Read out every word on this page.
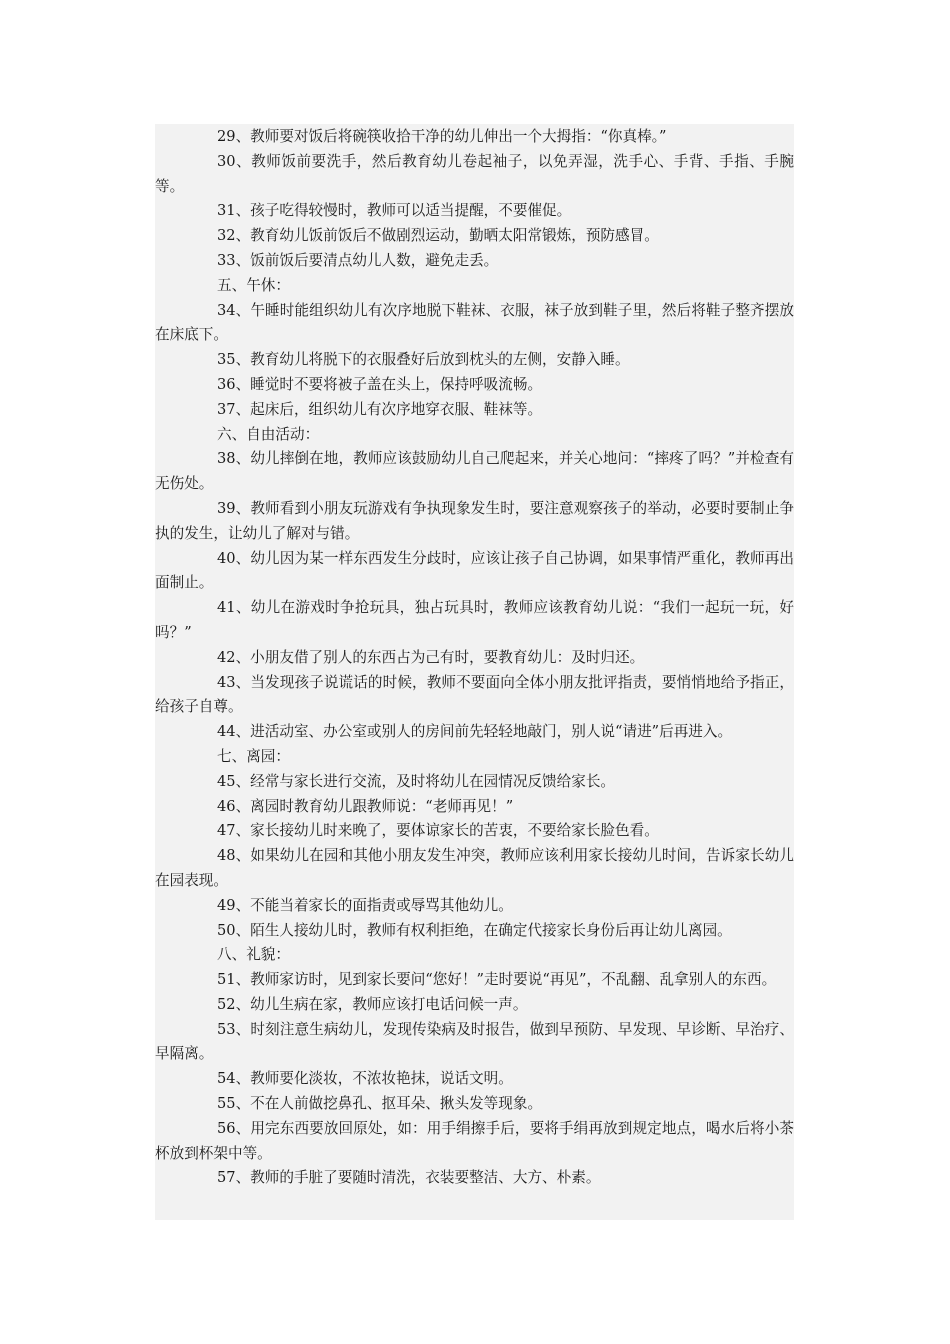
29、教师要对饭后将碗筷收拾干净的幼儿伸出一个大拇指：“你真棒。”

30、教师饭前要洗手，然后教育幼儿卷起袖子，以免弄湿，洗手心、手背、手指、手腕等。

31、孩子吃得较慢时，教师可以适当提醒，不要催促。

32、教育幼儿饭前饭后不做剧烈运动，勤晒太阳常锻炼，预防感冒。

33、饭前饭后要清点幼儿人数，避免走丢。

五、午休：

34、午睡时能组织幼儿有次序地脱下鞋袜、衣服，袜子放到鞋子里，然后将鞋子整齐摆放在床底下。

35、教育幼儿将脱下的衣服叠好后放到枕头的左侧，安静入睡。

36、睡觉时不要将被子盖在头上，保持呼吸流畅。

37、起床后，组织幼儿有次序地穿衣服、鞋袜等。

六、自由活动：

38、幼儿摔倒在地，教师应该鼓励幼儿自己爬起来，并关心地问：“摔疼了吗？”并检查有无伤处。

39、教师看到小朋友玩游戏有争执现象发生时，要注意观察孩子的举动，必要时要制止争执的发生，让幼儿了解对与错。

40、幼儿因为某一样东西发生分歧时，应该让孩子自己协调，如果事情严重化，教师再出面制止。

41、幼儿在游戏时争抢玩具，独占玩具时，教师应该教育幼儿说：“我们一起玩一玩，好吗？”

42、小朋友借了别人的东西占为己有时，要教育幼儿：及时归还。

43、当发现孩子说谎话的时候，教师不要面向全体小朋友批评指责，要悄悄地给予指正，给孩子自尊。

44、进活动室、办公室或别人的房间前先轻轻地敲门，别人说“请进”后再进入。

七、离园：

45、经常与家长进行交流，及时将幼儿在园情况反馈给家长。

46、离园时教育幼儿跟教师说：“老师再见！”

47、家长接幼儿时来晚了，要体谅家长的苦衷，不要给家长脸色看。

48、如果幼儿在园和其他小朋友发生冲突，教师应该利用家长接幼儿时间，告诉家长幼儿在园表现。

49、不能当着家长的面指责或辱骂其他幼儿。

50、陌生人接幼儿时，教师有权利拒绝，在确定代接家长身份后再让幼儿离园。

八、礼貌：

51、教师家访时，见到家长要问“您好！”走时要说“再见”，不乱翻、乱拿别人的东西。

52、幼儿生病在家，教师应该打电话问候一声。

53、时刻注意生病幼儿，发现传染病及时报告，做到早预防、早发现、早诊断、早治疗、早隔离。

54、教师要化淡妆，不浓妆艳抹，说话文明。

55、不在人前做挖鼻孔、抠耳朵、揪头发等现象。

56、用完东西要放回原处，如：用手绢擦手后，要将手绢再放到规定地点，喝水后将小茶杯放到杯架中等。

57、教师的手脏了要随时清洗，衣装要整洁、大方、朴素。
